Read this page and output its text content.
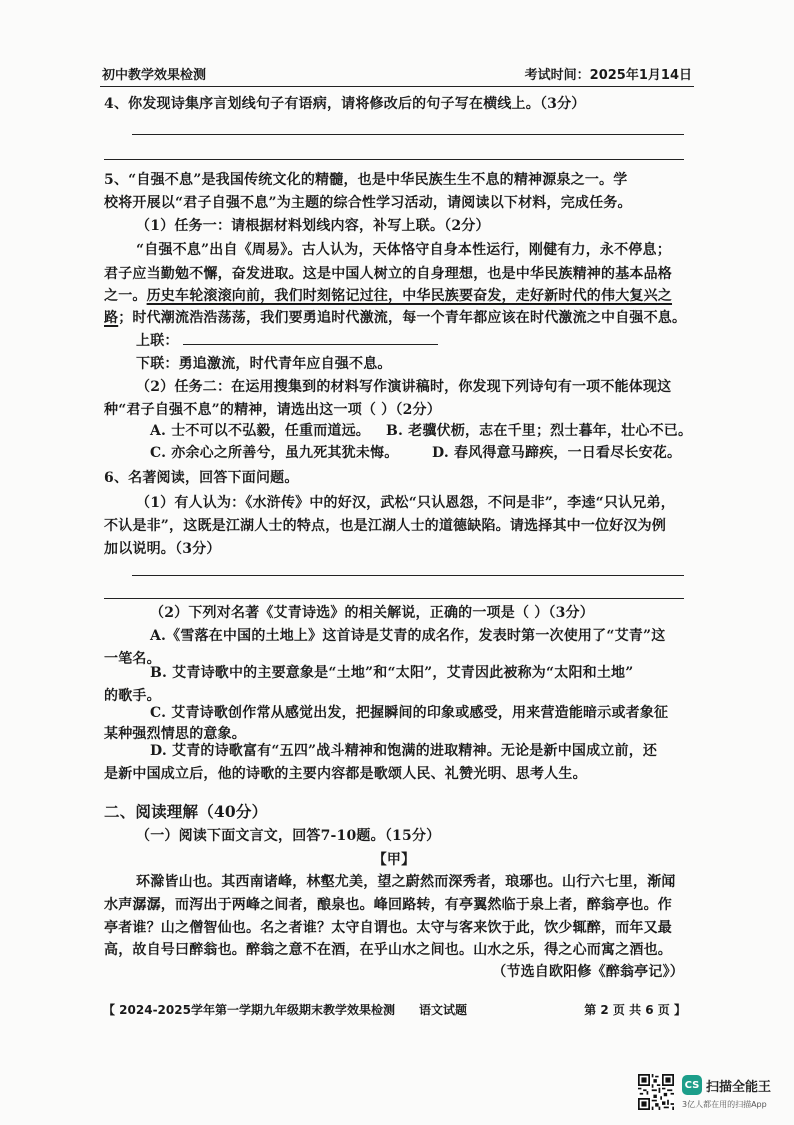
初中教学效果检测	考试时间：2025年1月14日
4、你发现诗集序言划线句子有语病，请将修改后的句子写在横线上。（3分）
5、“自强不息”是我国传统文化的精髓，也是中华民族生生不息的精神源泉之一。学
校将开展以“君子自强不息”为主题的综合性学习活动，请阅读以下材料，完成任务。
（1）任务一：请根据材料划线内容，补写上联。（2分）
“自强不息”出自《周易》。古人认为，天体恪守自身本性运行，刚健有力，永不停息；
君子应当勤勉不懈，奋发进取。这是中国人树立的自身理想，也是中华民族精神的基本品格
之一。历史车轮滚滚向前，我们时刻铭记过往，中华民族要奋发，走好新时代的伟大复兴之
路；时代潮流浩浩荡荡，我们要勇追时代激流，每一个青年都应该在时代激流之中自强不息。
上联：
下联：勇追激流，时代青年应自强不息。
（2）任务二：在运用搜集到的材料写作演讲稿时，你发现下列诗句有一项不能体现这
种“君子自强不息”的精神，请选出这一项（ ）（2分）
A. 士不可以不弘毅，任重而道远。	B. 老骥伏枥，志在千里；烈士暮年，壮心不已。
C. 亦余心之所善兮，虽九死其犹未悔。 D. 春风得意马蹄疾，一日看尽长安花。
6、名著阅读，回答下面问题。
（1）有人认为：《水浒传》中的好汉，武松“只认恩怨，不问是非”，李逵“只认兄弟，
不认是非”，这既是江湖人士的特点，也是江湖人士的道德缺陷。请选择其中一位好汉为例
加以说明。（3分）
（2）下列对名著《艾青诗选》的相关解说，正确的一项是（ ）（3分）
A.《雪落在中国的土地上》这首诗是艾青的成名作，发表时第一次使用了“艾青”这
一笔名。
B. 艾青诗歌中的主要意象是“土地”和“太阳”，艾青因此被称为“太阳和土地”
的歌手。
C. 艾青诗歌创作常从感觉出发，把握瞬间的印象或感受，用来营造能暗示或者象征
某种强烈情思的意象。
D. 艾青的诗歌富有“五四”战斗精神和饱满的进取精神。无论是新中国成立前，还
是新中国成立后，他的诗歌的主要内容都是歌颂人民、礼赞光明、思考人生。
二、阅读理解（40分）
（一）阅读下面文言文，回答7-10题。（15分）
【甲】
环滁皆山也。其西南诸峰，林壑尤美，望之蔚然而深秀者，琅琊也。山行六七里，渐闻
水声潺潺，而泻出于两峰之间者，酿泉也。峰回路转，有亭翼然临于泉上者，醉翁亭也。作
亭者谁？山之僧智仙也。名之者谁？太守自谓也。太守与客来饮于此，饮少辄醉，而年又最
高，故自号曰醉翁也。醉翁之意不在酒，在乎山水之间也。山水之乐，得之心而寓之酒也。
（节选自欧阳修《醉翁亭记》）
【 2024-2025学年第一学期九年级期末教学效果检测　　语文试题	第 2 页 共 6 页 】
CS 扫描全能王
3亿人都在用的扫描App
